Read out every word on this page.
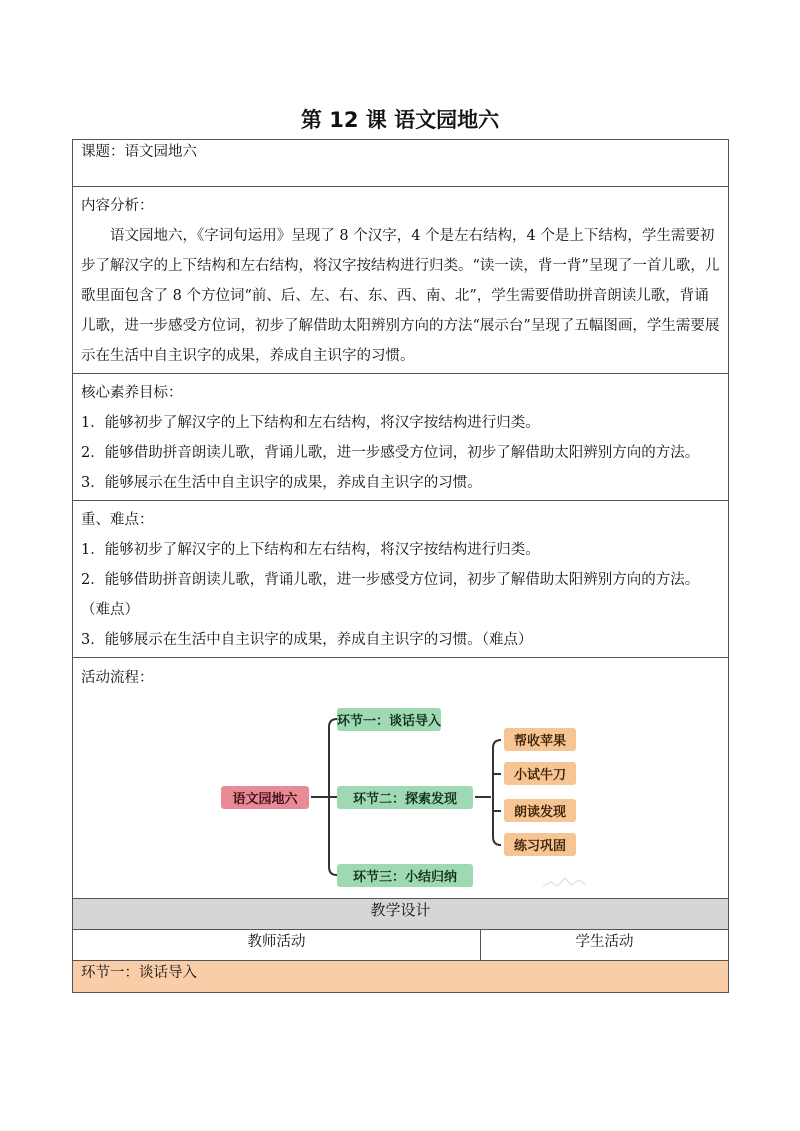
第 12 课 语文园地六
课题：语文园地六

内容分析：

语文园地六，《字词句运用》呈现了 8 个汉字，4 个是左右结构，4 个是上下结构，学生需要初步了解汉字的上下结构和左右结构，将汉字按结构进行归类。“读一读，背一背”呈现了一首儿歌，儿歌里面包含了 8 个方位词“前、后、左、右、东、西、南、北”，学生需要借助拼音朗读儿歌，背诵儿歌，进一步感受方位词，初步了解借助太阳辨别方向的方法“展示台”呈现了五幅图画，学生需要展示在生活中自主识字的成果，养成自主识字的习惯。

核心素养目标：

1．能够初步了解汉字的上下结构和左右结构，将汉字按结构进行归类。

2．能够借助拼音朗读儿歌，背诵儿歌，进一步感受方位词，初步了解借助太阳辨别方向的方法。

3．能够展示在生活中自主识字的成果，养成自主识字的习惯。

重、难点：

1．能够初步了解汉字的上下结构和左右结构，将汉字按结构进行归类。

2．能够借助拼音朗读儿歌，背诵儿歌，进一步感受方位词，初步了解借助太阳辨别方向的方法。（难点）

3．能够展示在生活中自主识字的成果，养成自主识字的习惯。（难点）

活动流程：

语文园地六
环节一：谈话导入
环节二：探索发现
环节三：小结归纳
帮收苹果
小试牛刀
朗读发现
练习巩固

教学设计
教师活动	学生活动
环节一：谈话导入
